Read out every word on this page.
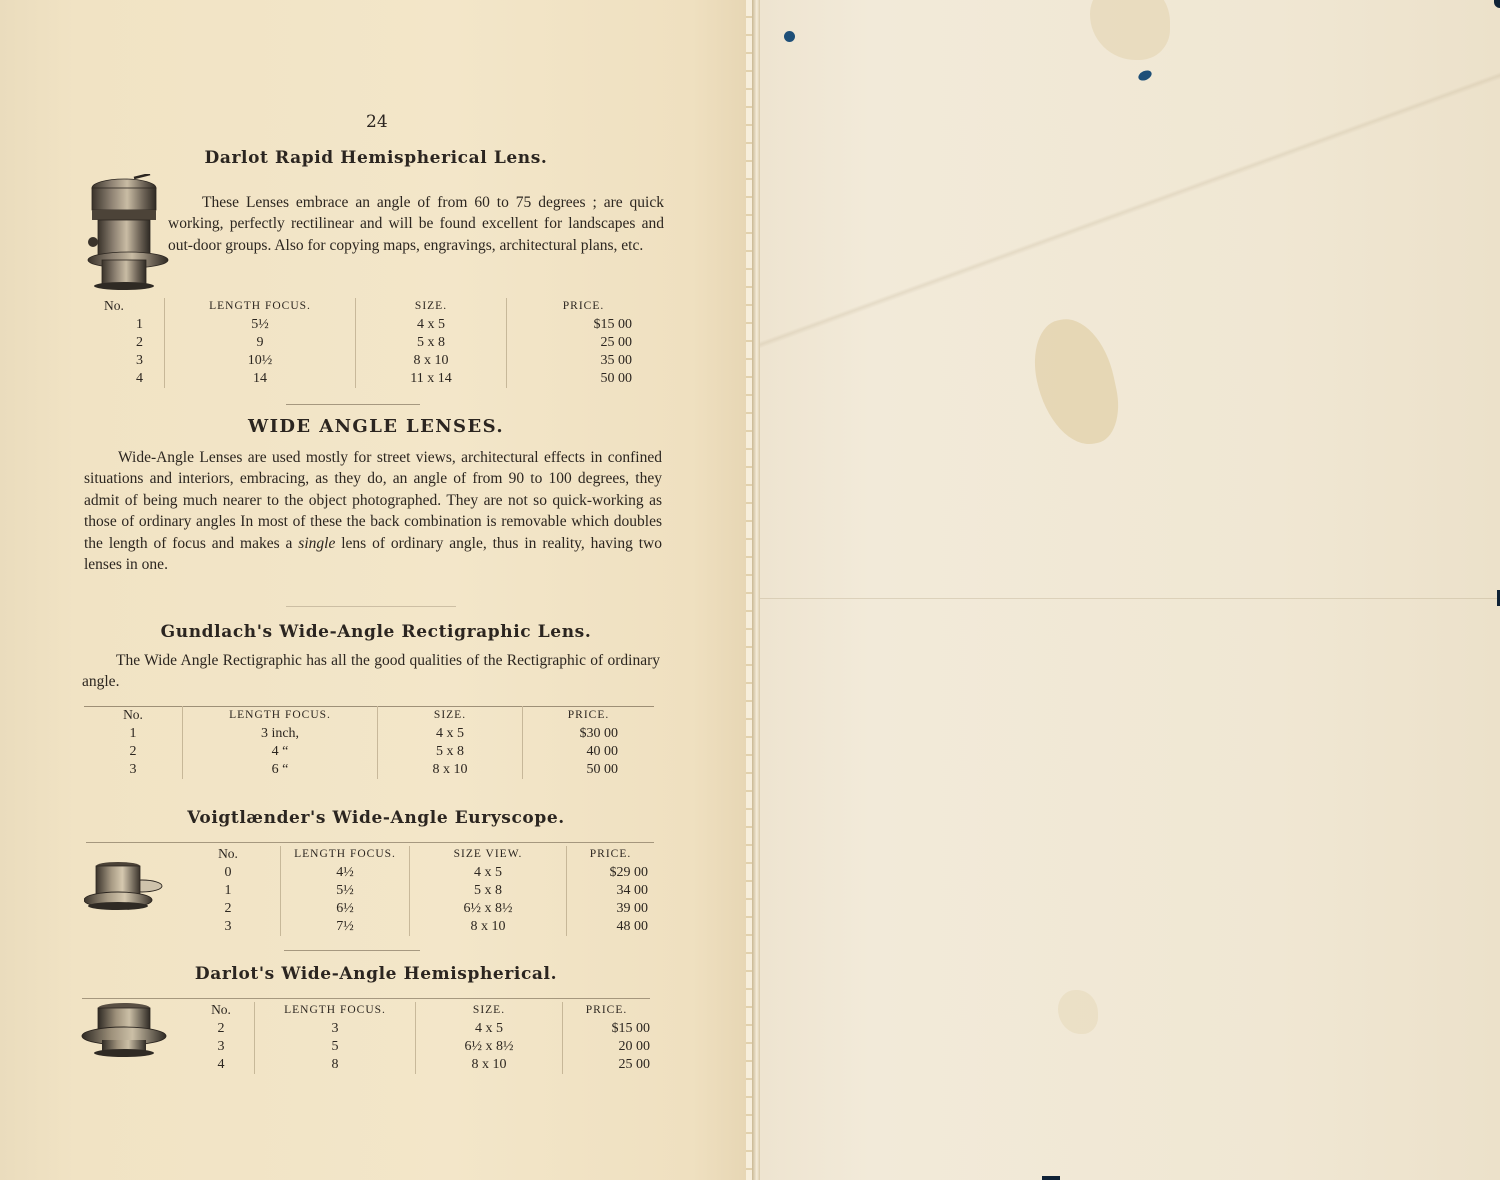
24
Darlot Rapid Hemispherical Lens.
These Lenses embrace an angle of from 60 to 75 degrees ; are quick working, perfectly rectilinear and will be found excellent for landscapes and out-door groups. Also for copying maps, engravings, architectural plans, etc.
No.	LENGTH FOCUS.	SIZE.	PRICE.
1	5½	4 x 5	$15 00
2	9	5 x 8	25 00
3	10½	8 x 10	35 00
4	14	11 x 14	50 00
WIDE ANGLE LENSES.
Wide-Angle Lenses are used mostly for street views, architectural effects in confined situations and interiors, embracing, as they do, an angle of from 90 to 100 degrees, they admit of being much nearer to the object photographed. They are not so quick-working as those of ordinary angles In most of these the back combination is removable which doubles the length of focus and makes a single lens of ordinary angle, thus in reality, having two lenses in one.
Gundlach's Wide-Angle Rectigraphic Lens.
The Wide Angle Rectigraphic has all the good qualities of the Rectigraphic of ordinary angle.
No.	LENGTH FOCUS.	SIZE.	PRICE.
1	3 inch,	4 x 5	$30 00
2	4 “	5 x 8	40 00
3	6 “	8 x 10	50 00
Voigtlænder's Wide-Angle Euryscope.
No.	LENGTH FOCUS.	SIZE VIEW.	PRICE.
0	4½	4 x 5	$29 00
1	5½	5 x 8	34 00
2	6½	6½ x 8½	39 00
3	7½	8 x 10	48 00
Darlot's Wide-Angle Hemispherical.
No.	LENGTH FOCUS.	SIZE.	PRICE.
2	3	4 x 5	$15 00
3	5	6½ x 8½	20 00
4	8	8 x 10	25 00
